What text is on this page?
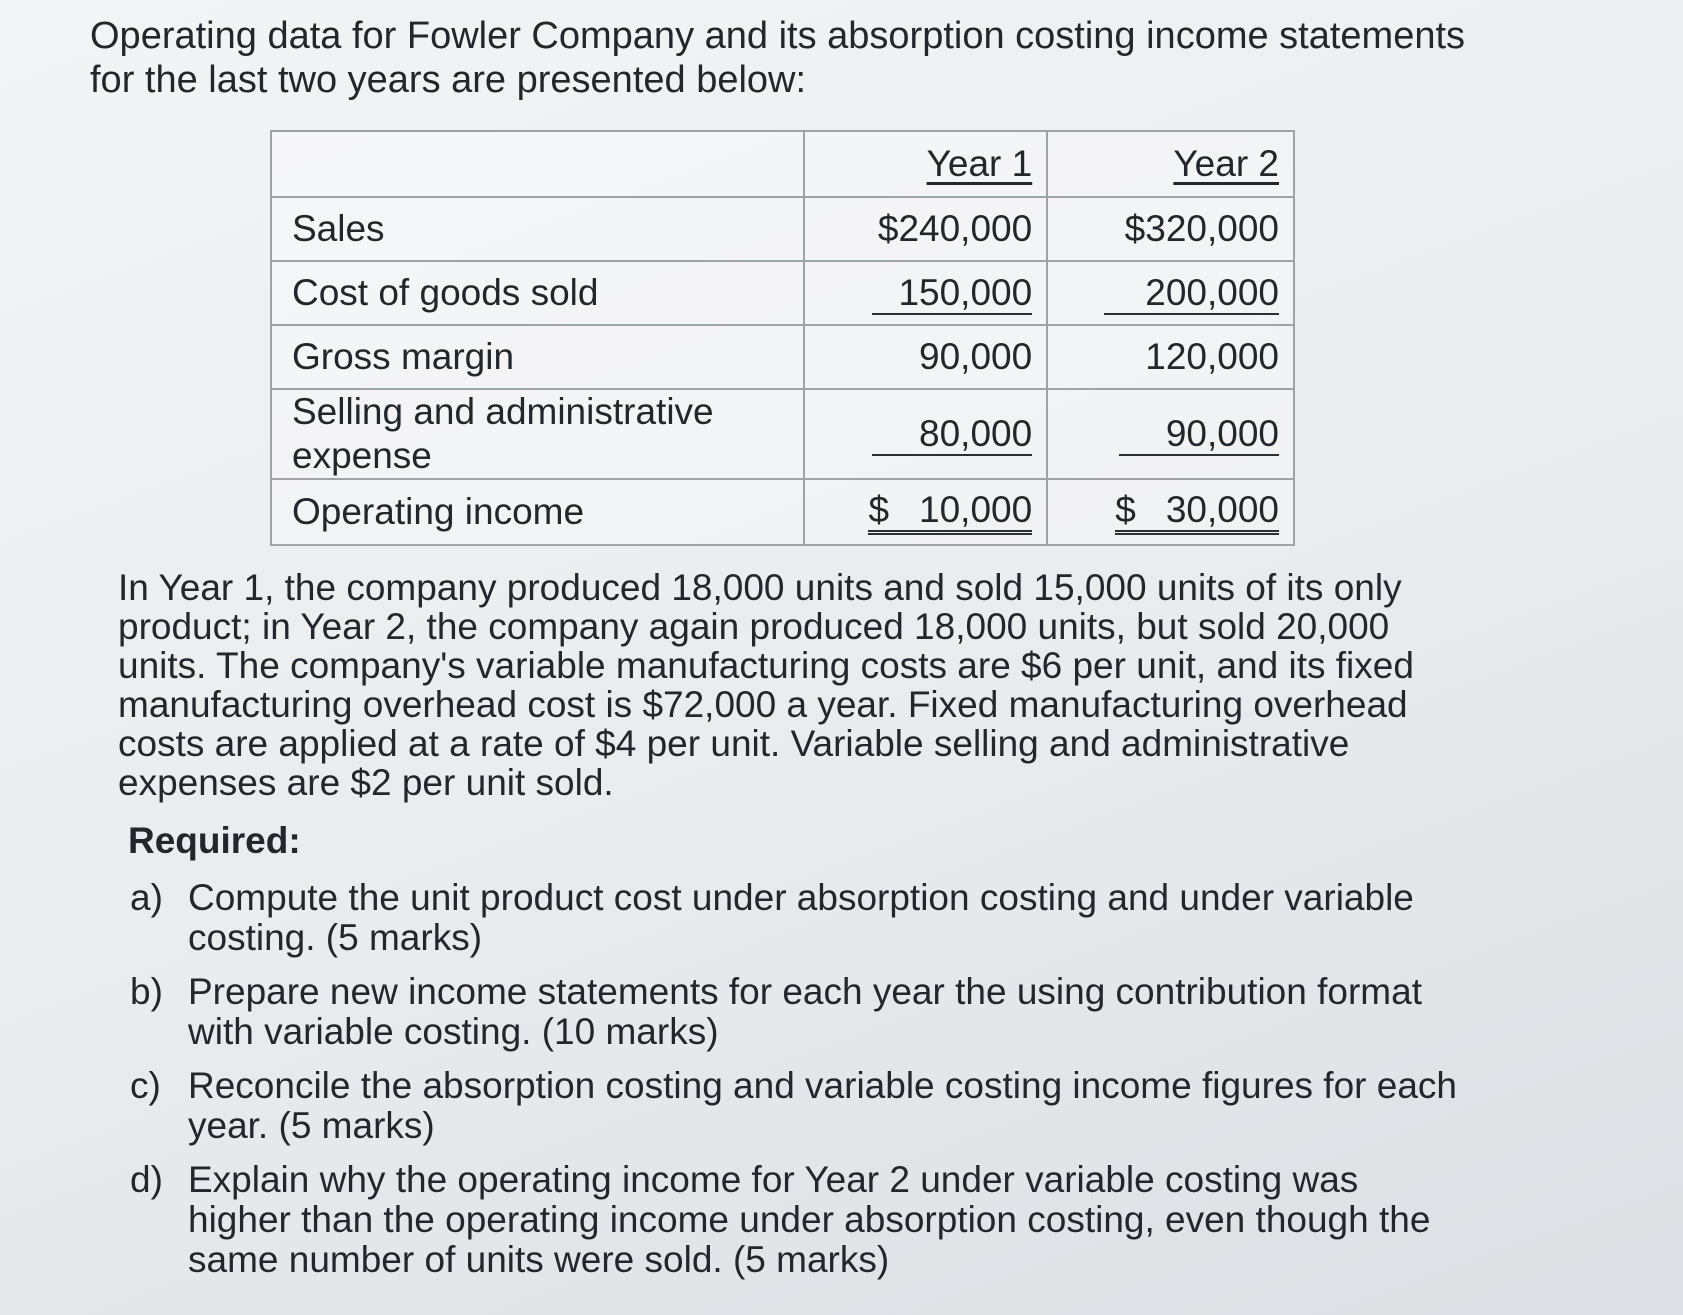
Operating data for Fowler Company and its absorption costing income statements for the last two years are presented below:

	Year 1	Year 2
Sales	$240,000	$320,000
Cost of goods sold	150,000	200,000
Gross margin	90,000	120,000
Selling and administrative expense	80,000	90,000
Operating income	$ 10,000	$ 30,000

In Year 1, the company produced 18,000 units and sold 15,000 units of its only product; in Year 2, the company again produced 18,000 units, but sold 20,000 units. The company's variable manufacturing costs are $6 per unit, and its fixed manufacturing overhead cost is $72,000 a year. Fixed manufacturing overhead costs are applied at a rate of $4 per unit. Variable selling and administrative expenses are $2 per unit sold.

Required:

a) Compute the unit product cost under absorption costing and under variable costing. (5 marks)
b) Prepare new income statements for each year the using contribution format with variable costing. (10 marks)
c) Reconcile the absorption costing and variable costing income figures for each year. (5 marks)
d) Explain why the operating income for Year 2 under variable costing was higher than the operating income under absorption costing, even though the same number of units were sold. (5 marks)
